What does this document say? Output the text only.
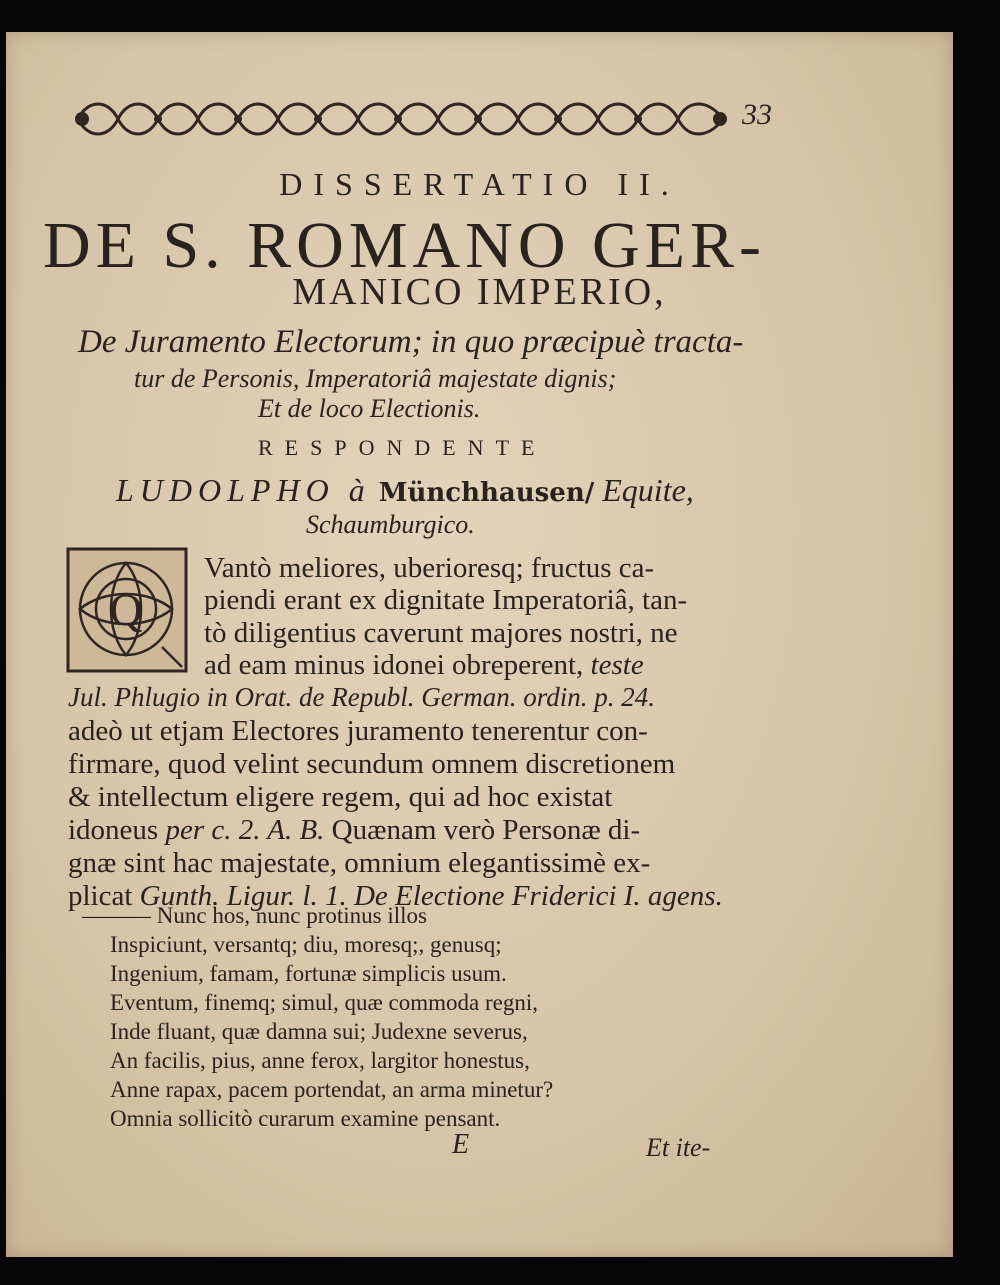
33
DISSERTATIO II.
DE S. ROMANO GER-
MANICO IMPERIO,
De Juramento Electorum; in quo præcipuè tracta-
tur de Personis, Imperatoriâ majestate dignis;
Et de loco Electionis.
RESPONDENTE
LUDOLPHO à Münchhausen/ Equite,
Schaumburgico.
Q
Vantò meliores, uberioresq; fructus ca-
piendi erant ex dignitate Imperatoriâ, tan-
tò diligentius caverunt majores nostri, ne
ad eam minus idonei obreperent, teste
Jul. Phlugio in Orat. de Republ. German. ordin. p. 24.
adeò ut etjam Electores juramento tenerentur con-
firmare, quod velint secundum omnem discretionem
& intellectum eligere regem, qui ad hoc existat
idoneus per c. 2. A. B. Quænam verò Personæ di-
gnæ sint hac majestate, omnium elegantissimè ex-
plicat Gunth. Ligur. l. 1. De Electione Friderici I. agens.
——— Nunc hos, nunc protinus illos
Inspiciunt, versantq; diu, moresq;, genusq;
Ingenium, famam, fortunæ simplicis usum.
Eventum, finemq; simul, quæ commoda regni,
Inde fluant, quæ damna sui; Judexne severus,
An facilis, pius, anne ferox, largitor honestus,
Anne rapax, pacem portendat, an arma minetur?
Omnia sollicitò curarum examine pensant.
E	Et ite-
